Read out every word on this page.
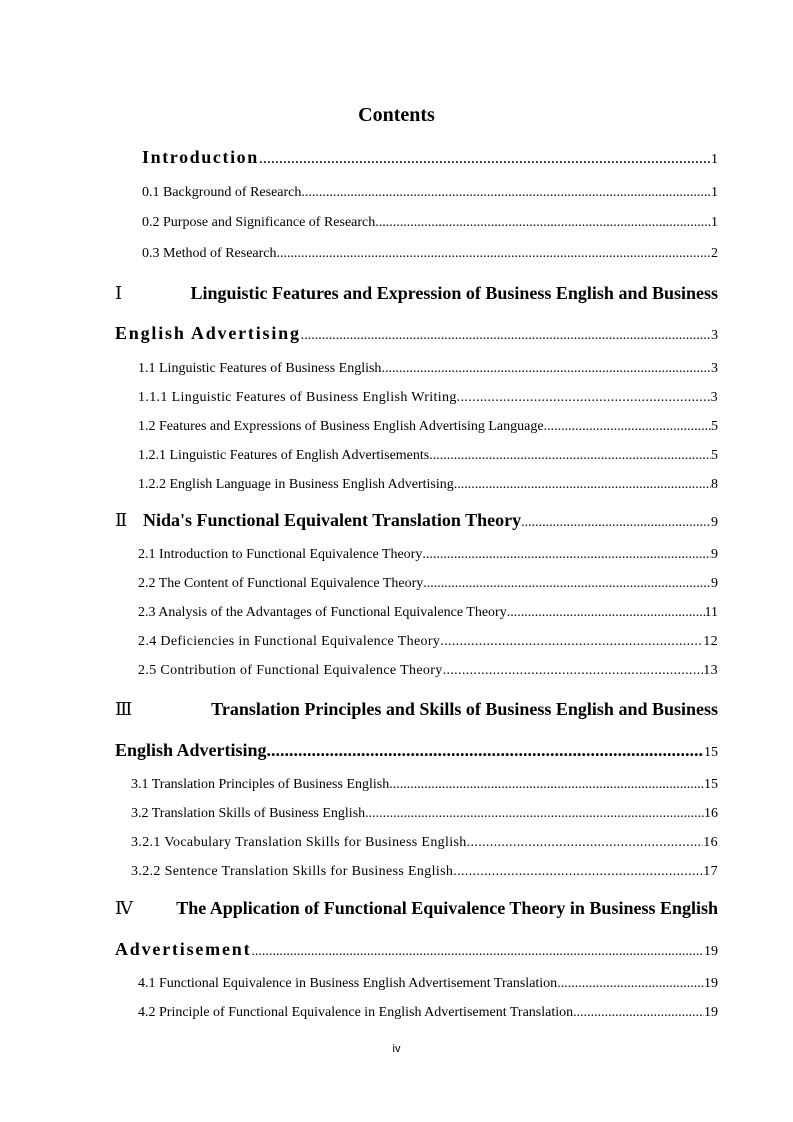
Contents
Introduction .....	1
0.1 Background of Research .....	1
0.2 Purpose and Significance of Research .....	1
0.3 Method of Research .....	2
Ⅰ	Linguistic Features and Expression of Business English and Business
English Advertising .....	3
1.1 Linguistic Features of Business English .....	3
1.1.1 Linguistic Features of Business English Writing .....	3
1.2 Features and Expressions of Business English Advertising Language .....	5
1.2.1 Linguistic Features of English Advertisements .....	5
1.2.2 English Language in Business English Advertising .....	8
Ⅱ Nida's Functional Equivalent Translation Theory .....	9
2.1 Introduction to Functional Equivalence Theory .....	9
2.2 The Content of Functional Equivalence Theory .....	9
2.3 Analysis of the Advantages of Functional Equivalence Theory .....	11
2.4 Deficiencies in Functional Equivalence Theory .....	12
2.5 Contribution of Functional Equivalence Theory .....	13
Ⅲ	Translation Principles and Skills of Business English and Business
English Advertising .....	15
3.1 Translation Principles of Business English .....	15
3.2 Translation Skills of Business English .....	16
3.2.1 Vocabulary Translation Skills for Business English .....	16
3.2.2 Sentence Translation Skills for Business English .....	17
Ⅳ The Application of Functional Equivalence Theory in Business English
Advertisement .....	19
4.1 Functional Equivalence in Business English Advertisement Translation .....	19
4.2 Principle of Functional Equivalence in English Advertisement Translation .....	19
iv
